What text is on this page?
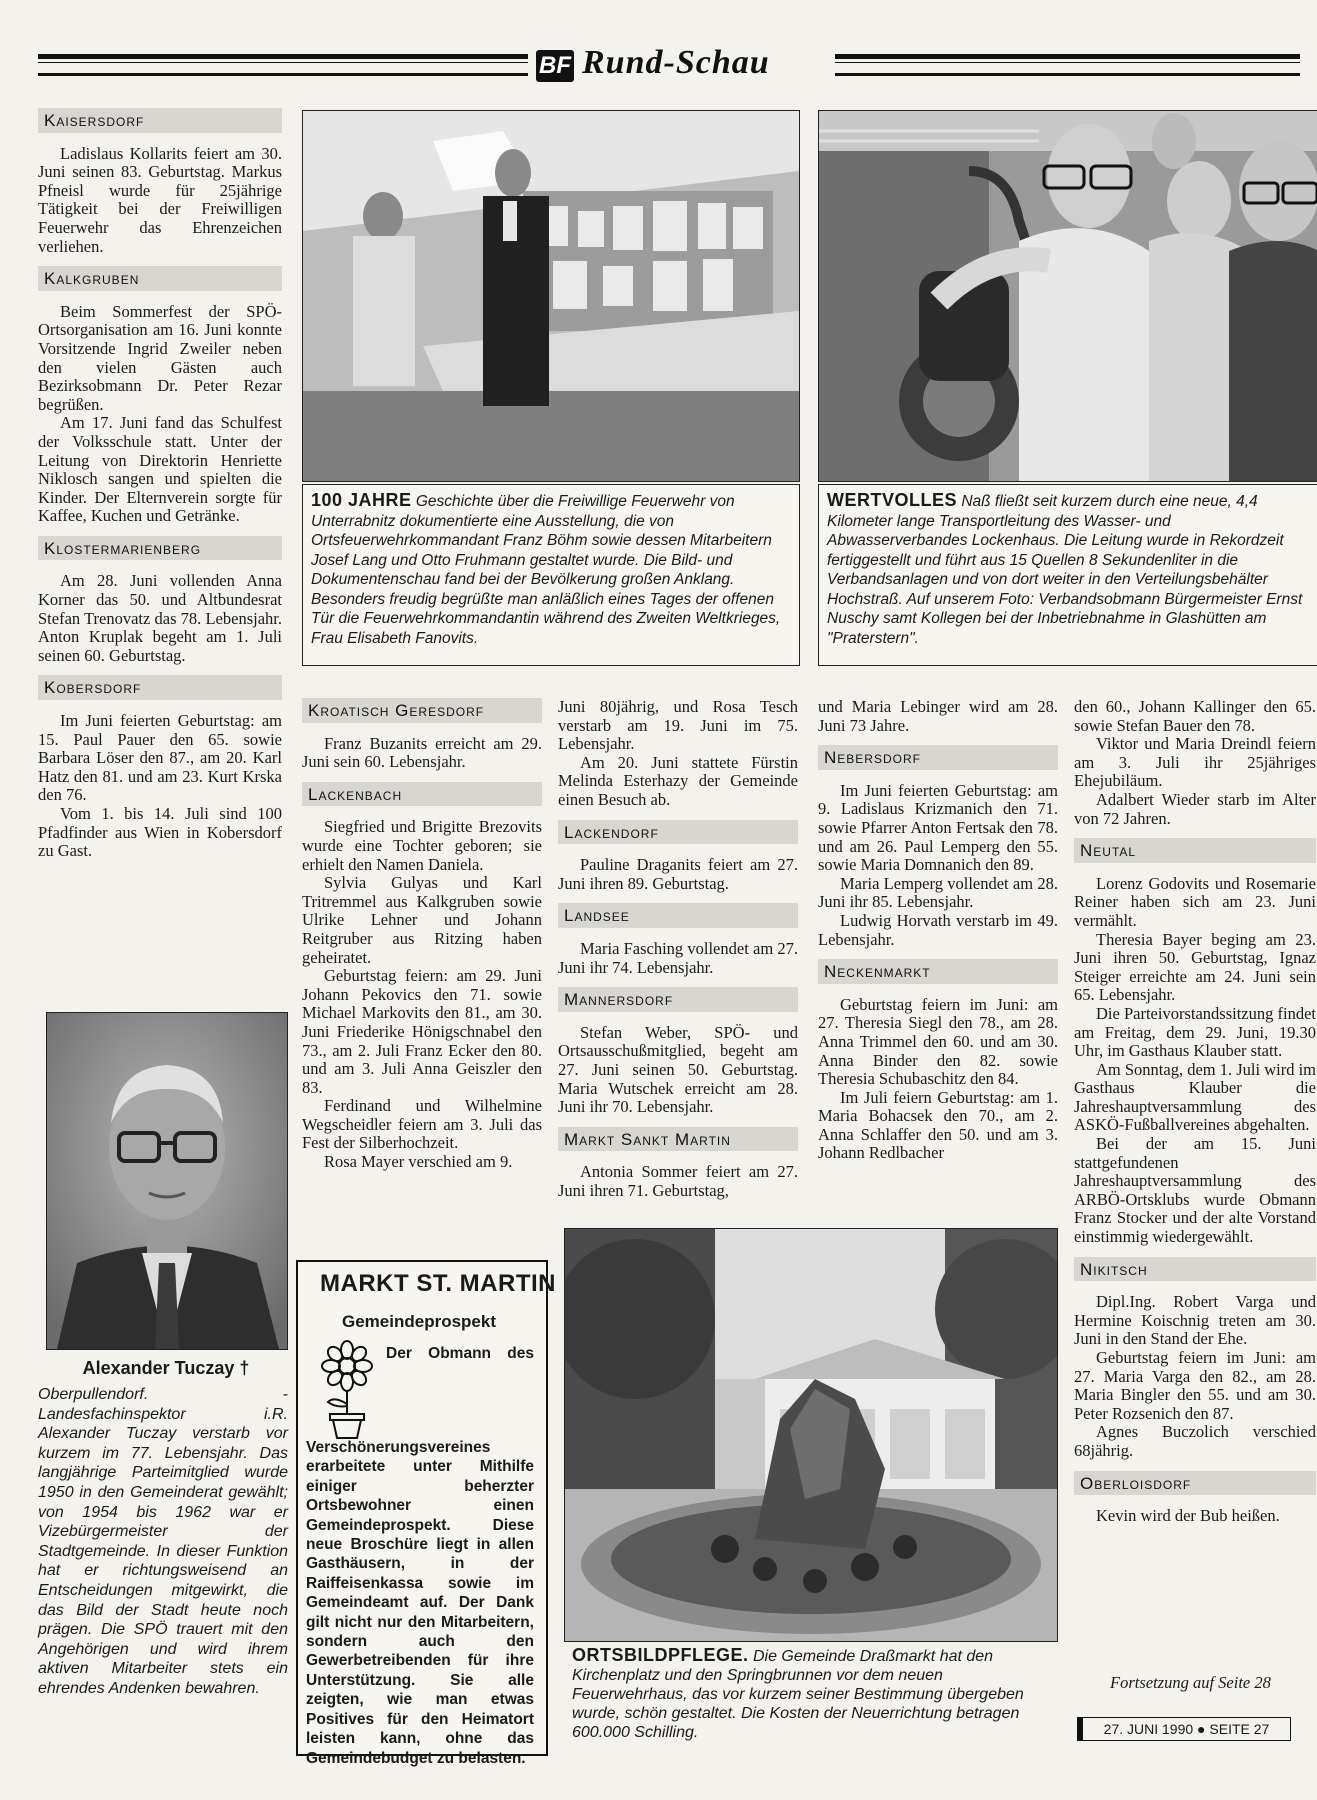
BF Rund-Schau
Kaisersdorf

Ladislaus Kollarits feiert am 30. Juni seinen 83. Geburtstag. Markus Pfneisl wurde für 25jährige Tätigkeit bei der Freiwilligen Feuerwehr das Ehrenzeichen verliehen.

Kalkgruben

Beim Sommerfest der SPÖ-Ortsorganisation am 16. Juni konnte Vorsitzende Ingrid Zweiler neben den vielen Gästen auch Bezirksobmann Dr. Peter Rezar begrüßen.

Am 17. Juni fand das Schulfest der Volksschule statt. Unter der Leitung von Direktorin Henriette Niklosch sangen und spielten die Kinder. Der Elternverein sorgte für Kaffee, Kuchen und Getränke.

Klostermarienberg

Am 28. Juni vollenden Anna Korner das 50. und Altbundesrat Stefan Trenovatz das 78. Lebensjahr. Anton Kruplak begeht am 1. Juli seinen 60. Geburtstag.

Kobersdorf

Im Juni feierten Geburtstag: am 15. Paul Pauer den 65. sowie Barbara Löser den 87., am 20. Karl Hatz den 81. und am 23. Kurt Krska den 76.

Vom 1. bis 14. Juli sind 100 Pfadfinder aus Wien in Kobersdorf zu Gast.

Alexander Tuczay †
Oberpullendorf. - Landesfachinspektor i.R. Alexander Tuczay verstarb vor kurzem im 77. Lebensjahr. Das langjährige Parteimitglied wurde 1950 in den Gemeinderat gewählt; von 1954 bis 1962 war er Vizebürgermeister der Stadtgemeinde. In dieser Funktion hat er richtungsweisend an Entscheidungen mitgewirkt, die das Bild der Stadt heute noch prägen. Die SPÖ trauert mit den Angehörigen und wird ihrem aktiven Mitarbeiter stets ein ehrendes Andenken bewahren.
100 JAHRE Geschichte über die Freiwillige Feuerwehr von Unterrabnitz dokumentierte eine Ausstellung, die von Ortsfeuerwehrkommandant Franz Böhm sowie dessen Mitarbeitern Josef Lang und Otto Fruhmann gestaltet wurde. Die Bild- und Dokumentenschau fand bei der Bevölkerung großen Anklang. Besonders freudig begrüßte man anläßlich eines Tages der offenen Tür die Feuerwehrkommandantin während des Zweiten Weltkrieges, Frau Elisabeth Fanovits.
WERTVOLLES Naß fließt seit kurzem durch eine neue, 4,4 Kilometer lange Transportleitung des Wasser- und Abwasserverbandes Lockenhaus. Die Leitung wurde in Rekordzeit fertiggestellt und führt aus 15 Quellen 8 Sekundenliter in die Verbandsanlagen und von dort weiter in den Verteilungsbehälter Hochstraß. Auf unserem Foto: Verbandsobmann Bürgermeister Ernst Nuschy samt Kollegen bei der Inbetriebnahme in Glashütten am "Praterstern".
Kroatisch Geresdorf

Franz Buzanits erreicht am 29. Juni sein 60. Lebensjahr.

Lackenbach

Siegfried und Brigitte Brezovits wurde eine Tochter geboren; sie erhielt den Namen Daniela.

Sylvia Gulyas und Karl Tritremmel aus Kalkgruben sowie Ulrike Lehner und Johann Reitgruber aus Ritzing haben geheiratet.

Geburtstag feiern: am 29. Juni Johann Pekovics den 71. sowie Michael Markovits den 81., am 30. Juni Friederike Hönigschnabel den 73., am 2. Juli Franz Ecker den 80. und am 3. Juli Anna Geiszler den 83.

Ferdinand und Wilhelmine Wegscheidler feiern am 3. Juli das Fest der Silberhochzeit.

Rosa Mayer verschied am 9.

Juni 80jährig, und Rosa Tesch verstarb am 19. Juni im 75. Lebensjahr.

Am 20. Juni stattete Fürstin Melinda Esterhazy der Gemeinde einen Besuch ab.

Lackendorf

Pauline Draganits feiert am 27. Juni ihren 89. Geburtstag.

Landsee

Maria Fasching vollendet am 27. Juni ihr 74. Lebensjahr.

Mannersdorf

Stefan Weber, SPÖ- und Ortsausschußmitglied, begeht am 27. Juni seinen 50. Geburtstag. Maria Wutschek erreicht am 28. Juni ihr 70. Lebensjahr.

Markt Sankt Martin

Antonia Sommer feiert am 27. Juni ihren 71. Geburtstag,

und Maria Lebinger wird am 28. Juni 73 Jahre.

Nebersdorf

Im Juni feierten Geburtstag: am 9. Ladislaus Krizmanich den 71. sowie Pfarrer Anton Fertsak den 78. und am 26. Paul Lemperg den 55. sowie Maria Domnanich den 89.

Maria Lemperg vollendet am 28. Juni ihr 85. Lebensjahr.

Ludwig Horvath verstarb im 49. Lebensjahr.

Neckenmarkt

Geburtstag feiern im Juni: am 27. Theresia Siegl den 78., am 28. Anna Trimmel den 60. und am 30. Anna Binder den 82. sowie Theresia Schubaschitz den 84.

Im Juli feiern Geburtstag: am 1. Maria Bohacsek den 70., am 2. Anna Schlaffer den 50. und am 3. Johann Redlbacher

den 60., Johann Kallinger den 65. sowie Stefan Bauer den 78.

Viktor und Maria Dreindl feiern am 3. Juli ihr 25jähriges Ehejubiläum.

Adalbert Wieder starb im Alter von 72 Jahren.

Neutal

Lorenz Godovits und Rosemarie Reiner haben sich am 23. Juni vermählt.

Theresia Bayer beging am 23. Juni ihren 50. Geburtstag, Ignaz Steiger erreichte am 24. Juni sein 65. Lebensjahr.

Die Parteivorstandssitzung findet am Freitag, dem 29. Juni, 19.30 Uhr, im Gasthaus Klauber statt.

Am Sonntag, dem 1. Juli wird im Gasthaus Klauber die Jahreshauptversammlung des ASKÖ-Fußballvereines abgehalten.

Bei der am 15. Juni stattgefundenen Jahreshauptversammlung des ARBÖ-Ortsklubs wurde Obmann Franz Stocker und der alte Vorstand einstimmig wiedergewählt.

Nikitsch

Dipl.Ing. Robert Varga und Hermine Koischnig treten am 30. Juni in den Stand der Ehe.

Geburtstag feiern im Juni: am 27. Maria Varga den 82., am 28. Maria Bingler den 55. und am 30. Peter Rozsenich den 87.

Agnes Buczolich verschied 68jährig.

Oberloisdorf

Kevin wird der Bub heißen.

Fortsetzung auf Seite 28
MARKT ST. MARTIN
Gemeindeprospekt
Der Obmann des Verschönerungsvereines erarbeitete unter Mithilfe einiger beherzter Ortsbewohner einen Gemeindeprospekt. Diese neue Broschüre liegt in allen Gasthäusern, in der Raiffeisenkassa sowie im Gemeindeamt auf. Der Dank gilt nicht nur den Mitarbeitern, sondern auch den Gewerbetreibenden für ihre Unterstützung. Sie alle zeigten, wie man etwas Positives für den Heimatort leisten kann, ohne das Gemeindebudget zu belasten.
ORTSBILDPFLEGE. Die Gemeinde Draßmarkt hat den Kirchenplatz und den Springbrunnen vor dem neuen Feuerwehrhaus, das vor kurzem seiner Bestimmung übergeben wurde, schön gestaltet. Die Kosten der Neuerrichtung betragen 600.000 Schilling.	27. JUNI 1990 ● SEITE 27
